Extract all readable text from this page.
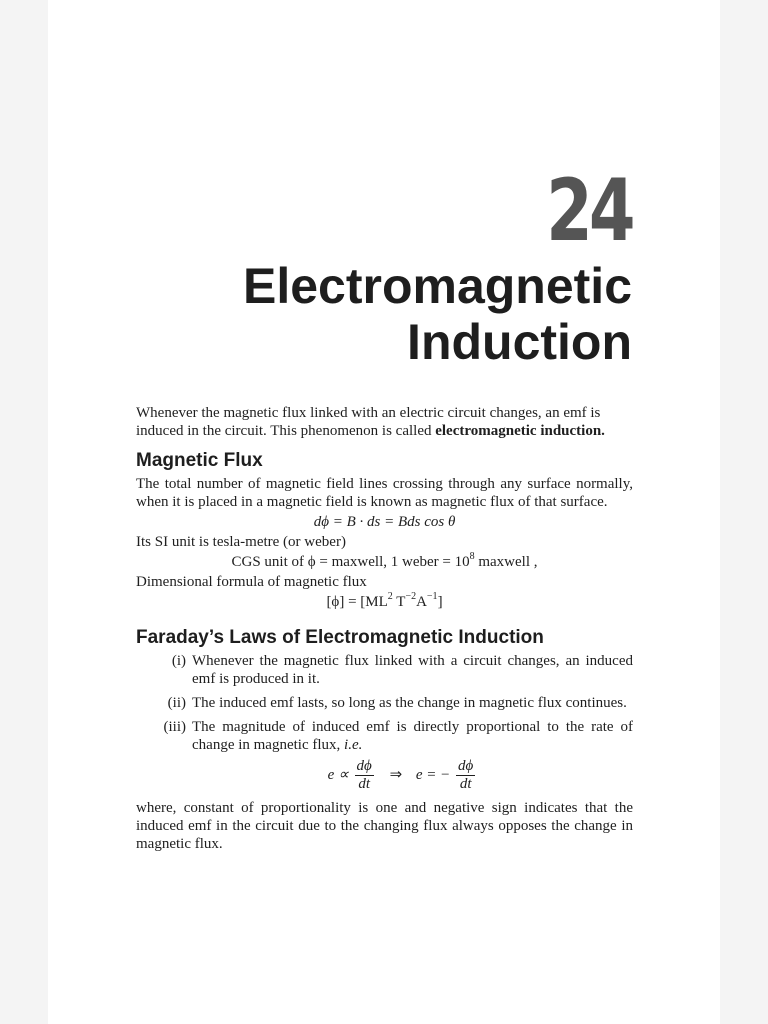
24
Electromagnetic
Induction

Whenever the magnetic flux linked with an electric circuit changes, an emf is induced in the circuit. This phenomenon is called electromagnetic induction.

Magnetic Flux

The total number of magnetic field lines crossing through any surface normally, when it is placed in a magnetic field is known as magnetic flux of that surface.

dϕ = B · ds = Bds cos θ

Its SI unit is tesla-metre (or weber)

CGS unit of ϕ = maxwell, 1 weber = $10^8$ maxwell ,

Dimensional formula of magnetic flux

$[\phi] = [ML^2$ $T^{-2}A^{-1}$]
Faraday’s Laws of Electromagnetic Induction
(i) Whenever the magnetic flux linked with a circuit changes, an induced emf is produced in it.
(ii) The induced emf lasts, so long as the change in magnetic flux continues.
(iii) The magnitude of induced emf is directly proportional to the rate of change in magnetic flux, i.e.
$e \propto \frac{d\phi}{dt}$ ⇒ e = − $\frac{d\phi}{dt}$

where, constant of proportionality is one and negative sign indicates that the induced emf in the circuit due to the changing flux always opposes the change in magnetic flux.
